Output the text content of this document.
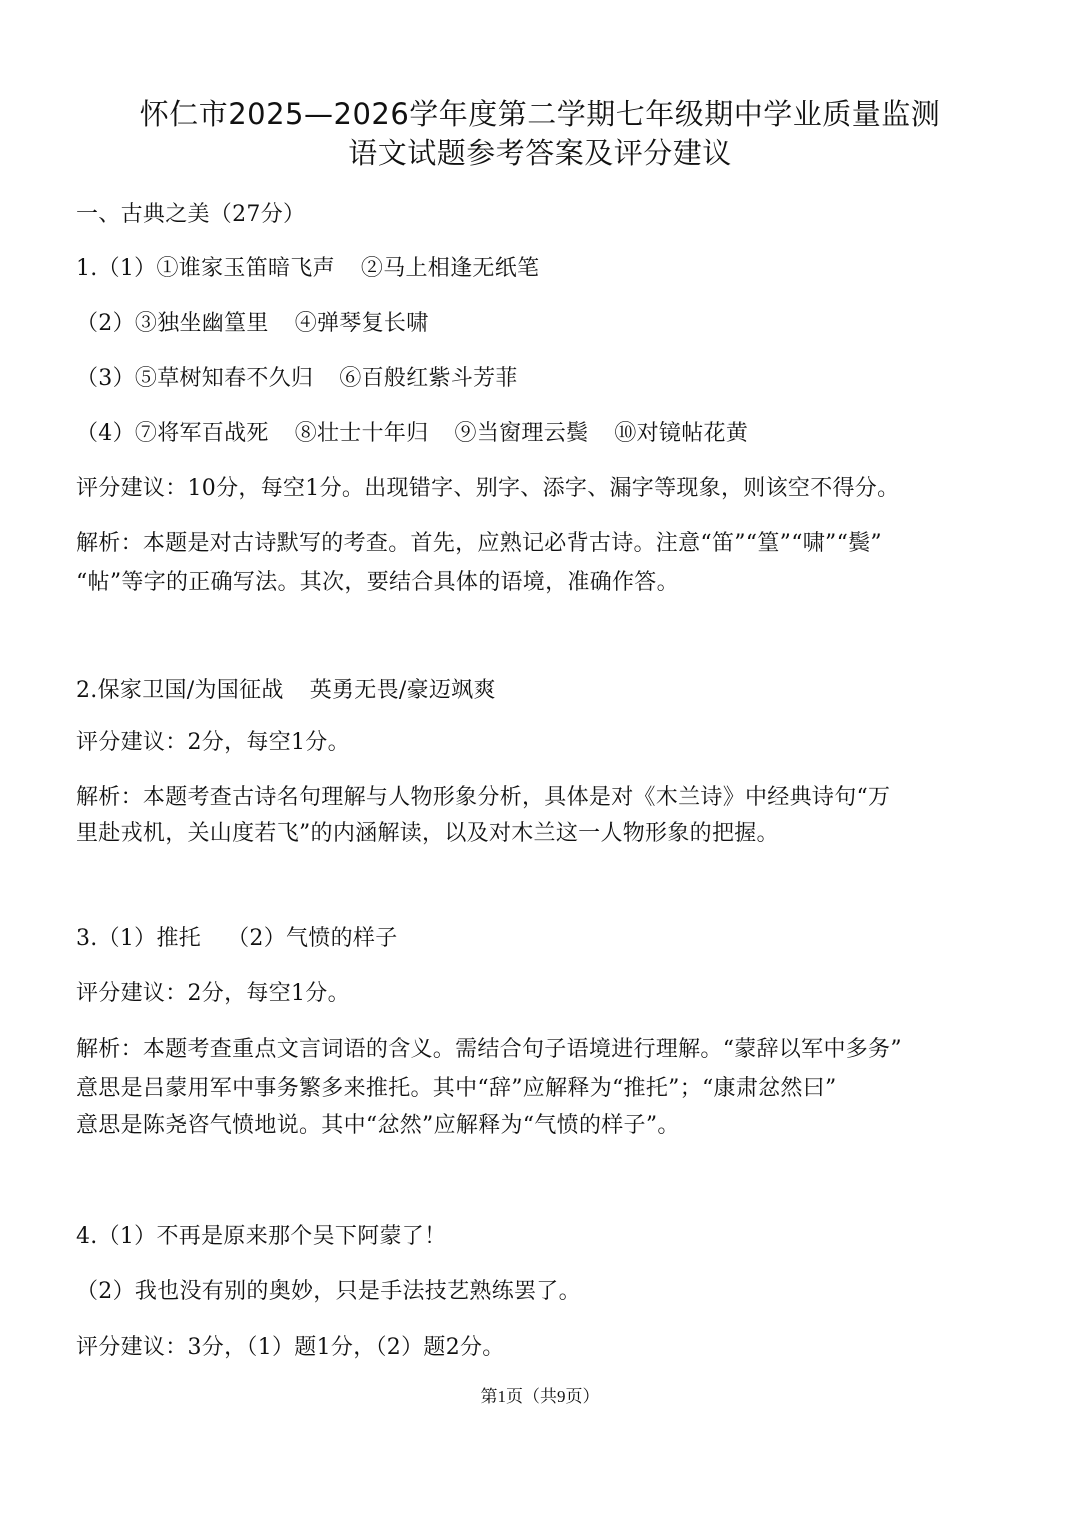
怀仁市2025—2026学年度第二学期七年级期中学业质量监测
语文试题参考答案及评分建议
一、古典之美（27分）
1.（1）①谁家玉笛暗飞声 ②马上相逢无纸笔
（2）③独坐幽篁里 ④弹琴复长啸
（3）⑤草树知春不久归 ⑥百般红紫斗芳菲
（4）⑦将军百战死 ⑧壮士十年归 ⑨当窗理云鬓 ⑩对镜帖花黄
评分建议：10分，每空1分。出现错字、别字、添字、漏字等现象，则该空不得分。
解析：本题是对古诗默写的考查。首先，应熟记必背古诗。注意“笛”“篁”“啸”“鬓”
“帖”等字的正确写法。其次，要结合具体的语境，准确作答。
2.保家卫国/为国征战 英勇无畏/豪迈飒爽
评分建议：2分，每空1分。
解析：本题考查古诗名句理解与人物形象分析，具体是对《木兰诗》中经典诗句“万
里赴戎机，关山度若飞”的内涵解读，以及对木兰这一人物形象的把握。
3.（1）推托 （2）气愤的样子
评分建议：2分，每空1分。
解析：本题考查重点文言词语的含义。需结合句子语境进行理解。“蒙辞以军中多务”
意思是吕蒙用军中事务繁多来推托。其中“辞”应解释为“推托”；“康肃忿然曰”
意思是陈尧咨气愤地说。其中“忿然”应解释为“气愤的样子”。
4.（1）不再是原来那个吴下阿蒙了！
（2）我也没有别的奥妙，只是手法技艺熟练罢了。
评分建议：3分，（1）题1分，（2）题2分。
第1页（共9页）
